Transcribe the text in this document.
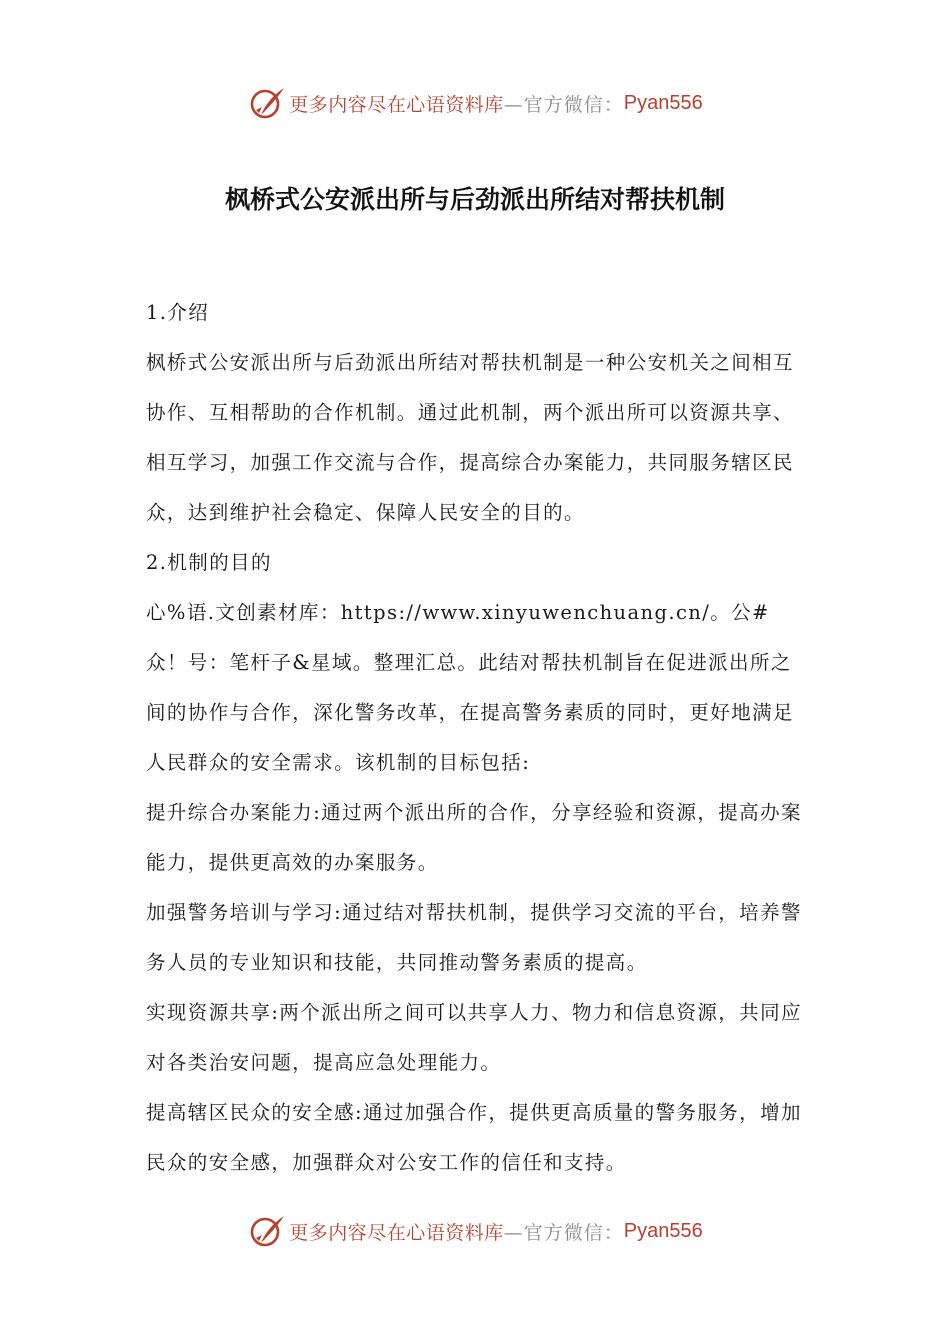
更多内容尽在心语资料库 —官方微信： Pyan556
枫桥式公安派出所与后劲派出所结对帮扶机制
1.介绍

枫桥式公安派出所与后劲派出所结对帮扶机制是一种公安机关之间相互协作、互相帮助的合作机制。通过此机制，两个派出所可以资源共享、相互学习，加强工作交流与合作，提高综合办案能力，共同服务辖区民众，达到维护社会稳定、保障人民安全的目的。

2.机制的目的

心%语.文创素材库：https://www.xinyuwenchuang.cn/。公#众！号：笔杆子&星域。整理汇总。此结对帮扶机制旨在促进派出所之间的协作与合作，深化警务改革，在提高警务素质的同时，更好地满足人民群众的安全需求。该机制的目标包括:

提升综合办案能力:通过两个派出所的合作，分享经验和资源，提高办案能力，提供更高效的办案服务。

加强警务培训与学习:通过结对帮扶机制，提供学习交流的平台，培养警务人员的专业知识和技能，共同推动警务素质的提高。

实现资源共享:两个派出所之间可以共享人力、物力和信息资源，共同应对各类治安问题，提高应急处理能力。

提高辖区民众的安全感:通过加强合作，提供更高质量的警务服务，增加民众的安全感，加强群众对公安工作的信任和支持。

更多内容尽在心语资料库 —官方微信： Pyan556
